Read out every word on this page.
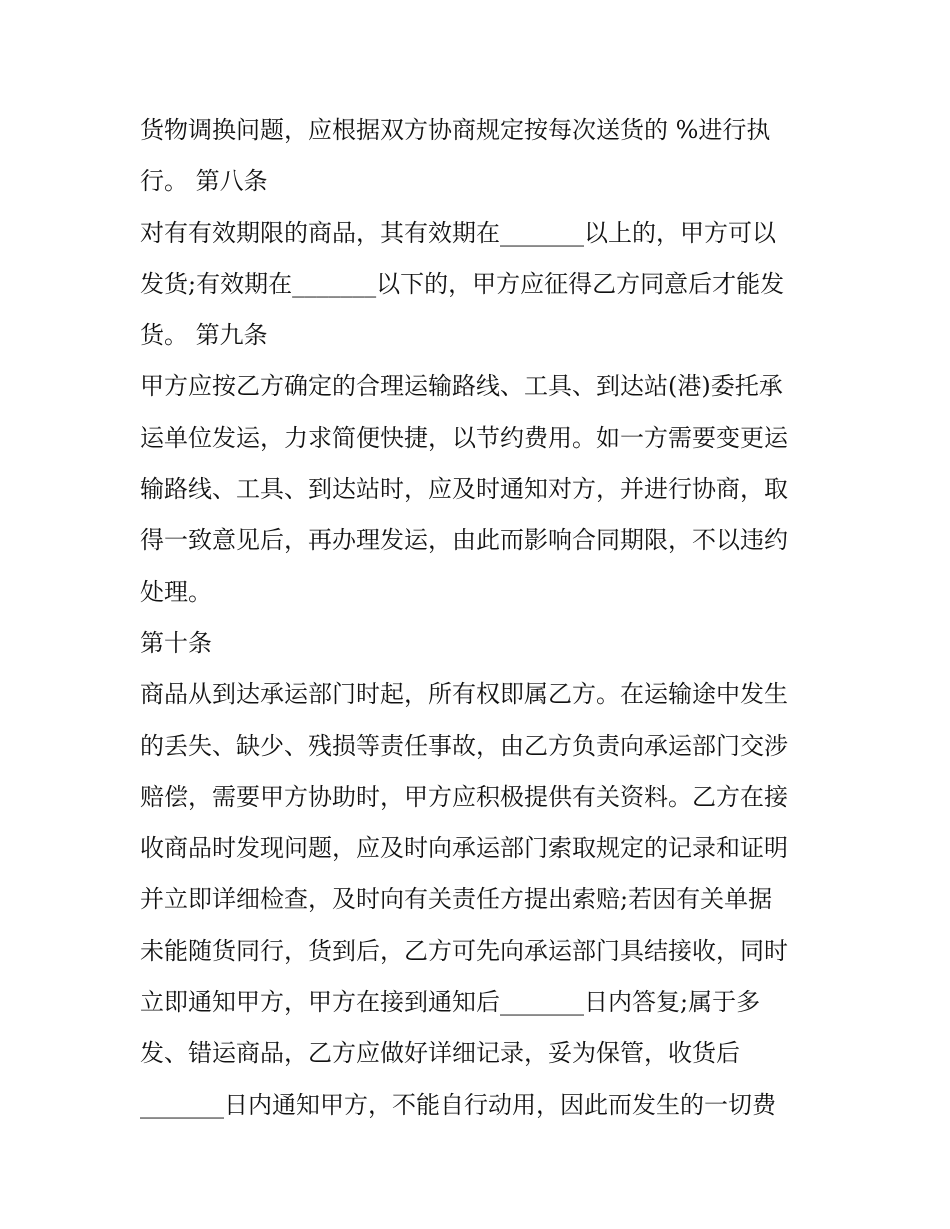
货物调换问题，应根据双方协商规定按每次送货的 %进行执
行。 第八条
对有有效期限的商品，其有效期在_______以上的，甲方可以
发货;有效期在_______以下的，甲方应征得乙方同意后才能发
货。 第九条
甲方应按乙方确定的合理运输路线、工具、到达站(港)委托承
运单位发运，力求简便快捷，以节约费用。如一方需要变更运
输路线、工具、到达站时，应及时通知对方，并进行协商，取
得一致意见后，再办理发运，由此而影响合同期限，不以违约
处理。
第十条
商品从到达承运部门时起，所有权即属乙方。在运输途中发生
的丢失、缺少、残损等责任事故，由乙方负责向承运部门交涉
赔偿，需要甲方协助时，甲方应积极提供有关资料。乙方在接
收商品时发现问题，应及时向承运部门索取规定的记录和证明
并立即详细检查，及时向有关责任方提出索赔;若因有关单据
未能随货同行，货到后，乙方可先向承运部门具结接收，同时
立即通知甲方，甲方在接到通知后_______日内答复;属于多
发、错运商品，乙方应做好详细记录，妥为保管，收货后
_______日内通知甲方，不能自行动用，因此而发生的一切费
